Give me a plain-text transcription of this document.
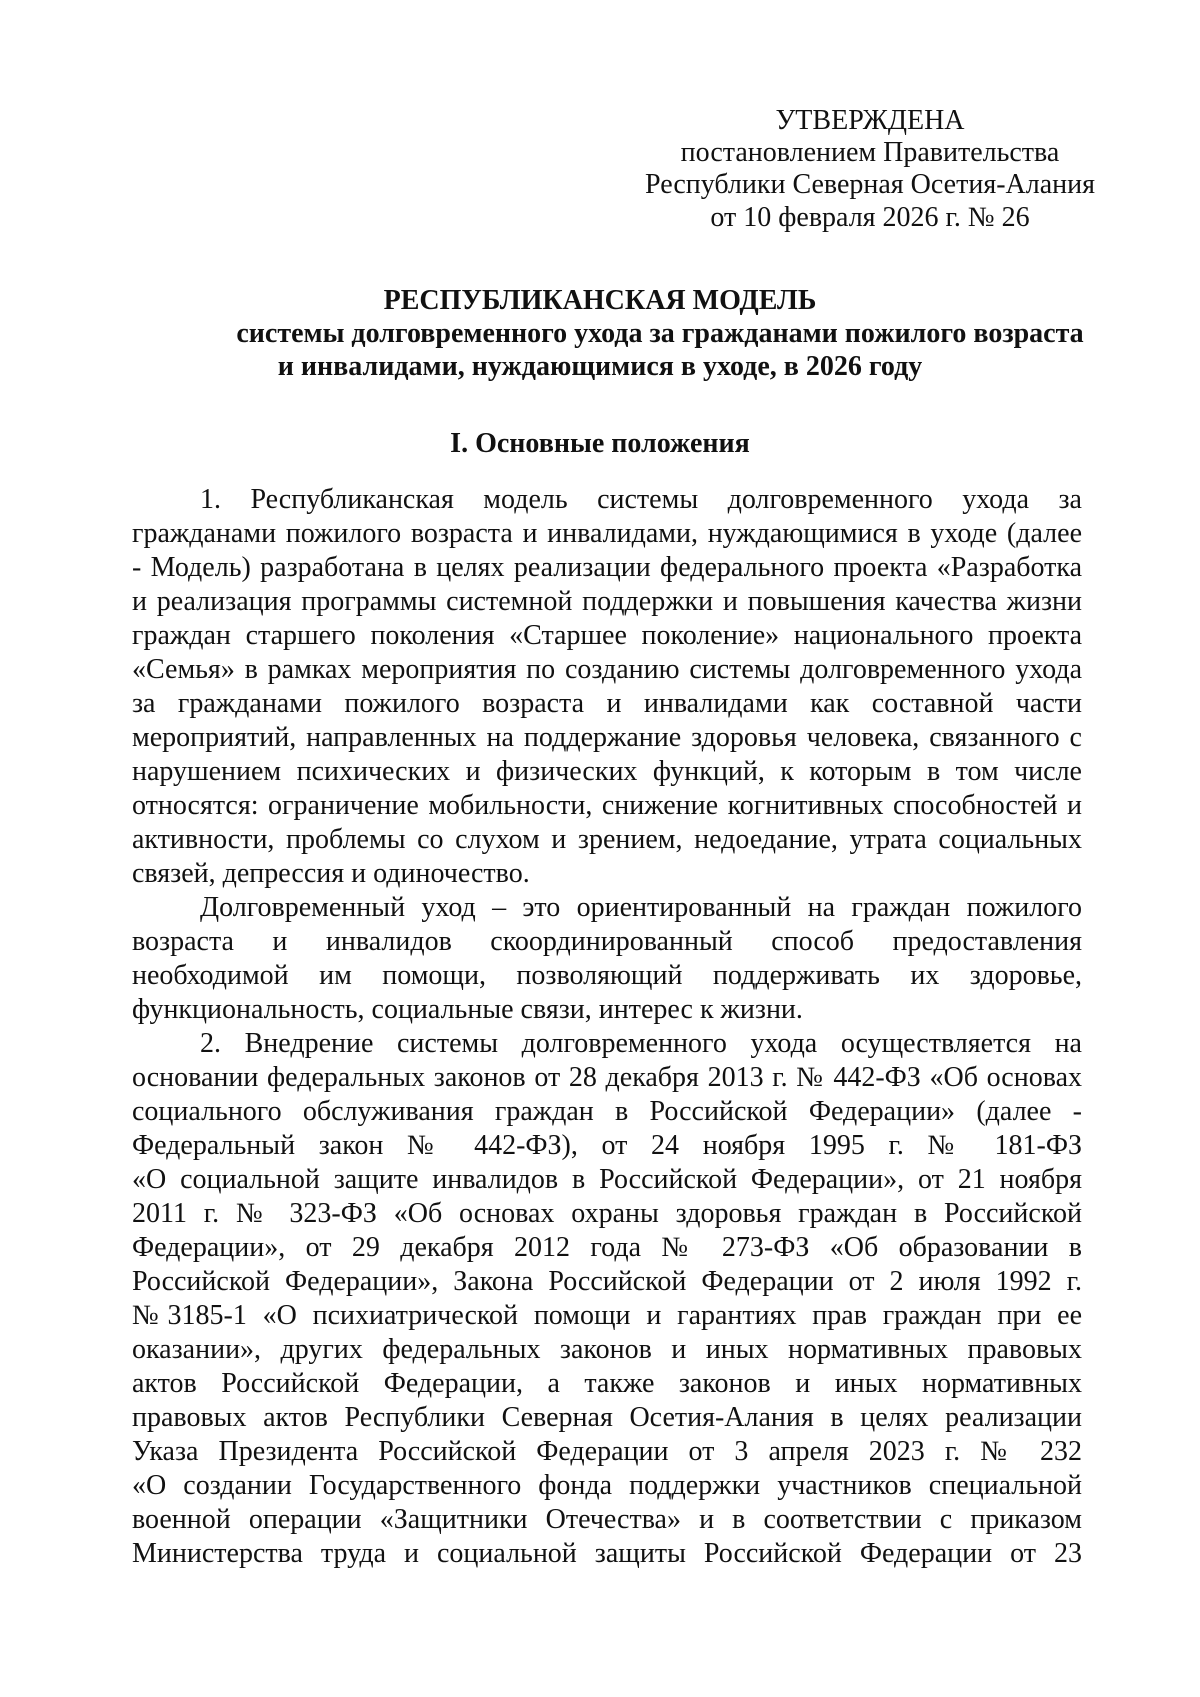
УТВЕРЖДЕНА
постановлением Правительства
Республики Северная Осетия-Алания
от 10 февраля 2026 г. № 26
РЕСПУБЛИКАНСКАЯ МОДЕЛЬ
системы долговременного ухода за гражданами пожилого возраста
и инвалидами, нуждающимися в уходе, в 2026 году
I. Основные положения
1. Республиканская модель системы долговременного ухода за
гражданами пожилого возраста и инвалидами, нуждающимися в уходе (далее
- Модель) разработана в целях реализации федерального проекта «Разработка
и реализация программы системной поддержки и повышения качества жизни
граждан старшего поколения «Старшее поколение» национального проекта
«Семья» в рамках мероприятия по созданию системы долговременного ухода
за гражданами пожилого возраста и инвалидами как составной части
мероприятий, направленных на поддержание здоровья человека, связанного с
нарушением психических и физических функций, к которым в том числе
относятся: ограничение мобильности, снижение когнитивных способностей и
активности, проблемы со слухом и зрением, недоедание, утрата социальных
связей, депрессия и одиночество.
Долговременный уход – это ориентированный на граждан пожилого
возраста и инвалидов скоординированный способ предоставления
необходимой им помощи, позволяющий поддерживать их здоровье,
функциональность, социальные связи, интерес к жизни.
2. Внедрение системы долговременного ухода осуществляется на
основании федеральных законов от 28 декабря 2013 г. № 442-ФЗ «Об основах
социального обслуживания граждан в Российской Федерации» (далее -
Федеральный закон № 442-ФЗ), от 24 ноября 1995 г. № 181-ФЗ
«О социальной защите инвалидов в Российской Федерации», от 21 ноября
2011 г. № 323-ФЗ «Об основах охраны здоровья граждан в Российской
Федерации», от 29 декабря 2012 года № 273-ФЗ «Об образовании в
Российской Федерации», Закона Российской Федерации от 2 июля 1992 г.
№3185-1 «О психиатрической помощи и гарантиях прав граждан при ее
оказании», других федеральных законов и иных нормативных правовых
актов Российской Федерации, а также законов и иных нормативных
правовых актов Республики Северная Осетия-Алания в целях реализации
Указа Президента Российской Федерации от 3 апреля 2023 г. № 232
«О создании Государственного фонда поддержки участников специальной
военной операции «Защитники Отечества» и в соответствии с приказом
Министерства труда и социальной защиты Российской Федерации от 23
